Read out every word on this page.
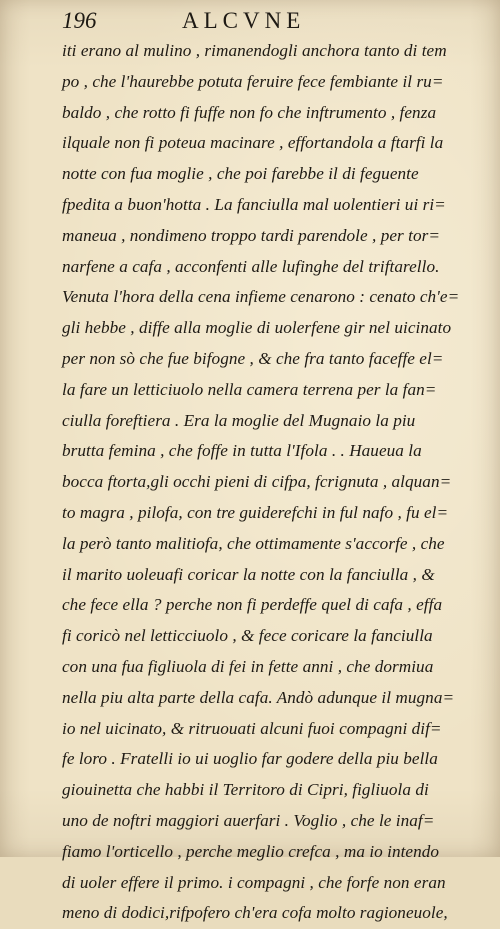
196	ALCVNE
iti erano al mulino , rimanendogli anchora tanto di tem
po , che l'haurebbe potuta feruire fece fembiante il ru=
baldo , che rotto fi fuffe non fo che inftrumento , fenza
ilquale non fi poteua macinare , effortandola a ftarfi la
notte con fua moglie , che poi farebbe il di feguente
fpedita a buon'hotta . La fanciulla mal uolentieri ui ri=
maneua , nondimeno troppo tardi parendole , per tor=
narfene a cafa , acconfenti alle lufinghe del triftarello.
Venuta l'hora della cena infieme cenarono : cenato ch'e=
gli hebbe , diffe alla moglie di uolerfene gir nel uicinato
per non sò che fue bifogne , & che fra tanto faceffe el=
la fare un letticiuolo nella camera terrena per la fan=
ciulla foreftiera . Era la moglie del Mugnaio la piu
brutta femina , che foffe in tutta l'Ifola . . Haueua la
bocca ftorta,gli occhi pieni di cifpa, fcrignuta , alquan=
to magra , pilofa, con tre guiderefchi in ful nafo , fu el=
la però tanto malitiofa, che ottimamente s'accorfe , che
il marito uoleuafi coricar la notte con la fanciulla , &
che fece ella ? perche non fi perdeffe quel di cafa , effa
fi coricò nel letticciuolo , & fece coricare la fanciulla
con una fua figliuola di fei in fette anni , che dormiua
nella piu alta parte della cafa. Andò adunque il mugna=
io nel uicinato, & ritruouati alcuni fuoi compagni dif=
fe loro . Fratelli io ui uoglio far godere della piu bella
giouinetta che habbi il Territoro di Cipri, figliuola di
uno de noftri maggiori auerfari . Voglio , che le inaf=
fiamo l'orticello , perche meglio crefca , ma io intendo
di uoler effere il primo. i compagni , che forfe non eran
meno di dodici,rifpofero ch'era cofa molto ragioneuole,
